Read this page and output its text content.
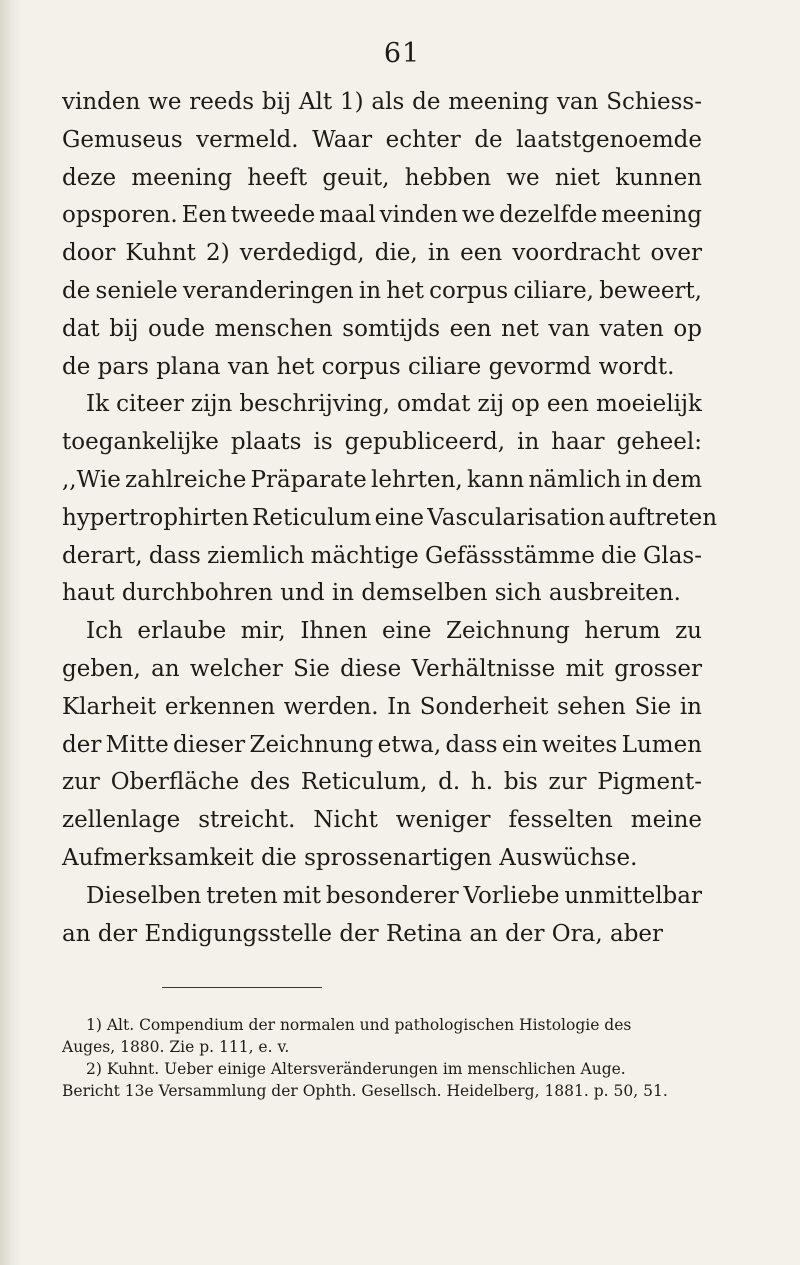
61
vinden we reeds bij Alt 1) als de meening van Schiess-
Gemuseus vermeld. Waar echter de laatstgenoemde
deze meening heeft geuit, hebben we niet kunnen
opsporen. Een tweede maal vinden we dezelfde meening
door Kuhnt 2) verdedigd, die, in een voordracht over
de seniele veranderingen in het corpus ciliare, beweert,
dat bij oude menschen somtijds een net van vaten op
de pars plana van het corpus ciliare gevormd wordt.
Ik citeer zijn beschrijving, omdat zij op een moeielijk
toegankelijke plaats is gepubliceerd, in haar geheel:
,,Wie zahlreiche Präparate lehrten, kann nämlich in dem
hypertrophirten Reticulum eine Vascularisation auftreten
derart, dass ziemlich mächtige Gefässstämme die Glas-
haut durchbohren und in demselben sich ausbreiten.
Ich erlaube mir, Ihnen eine Zeichnung herum zu
geben, an welcher Sie diese Verhältnisse mit grosser
Klarheit erkennen werden. In Sonderheit sehen Sie in
der Mitte dieser Zeichnung etwa, dass ein weites Lumen
zur Oberfläche des Reticulum, d. h. bis zur Pigment-
zellenlage streicht. Nicht weniger fesselten meine
Aufmerksamkeit die sprossenartigen Auswüchse.
Dieselben treten mit besonderer Vorliebe unmittelbar
an der Endigungsstelle der Retina an der Ora, aber
1) Alt. Compendium der normalen und pathologischen Histologie des
Auges, 1880. Zie p. 111, e. v.
2) Kuhnt. Ueber einige Altersveränderungen im menschlichen Auge.
Bericht 13e Versammlung der Ophth. Gesellsch. Heidelberg, 1881. p. 50, 51.
